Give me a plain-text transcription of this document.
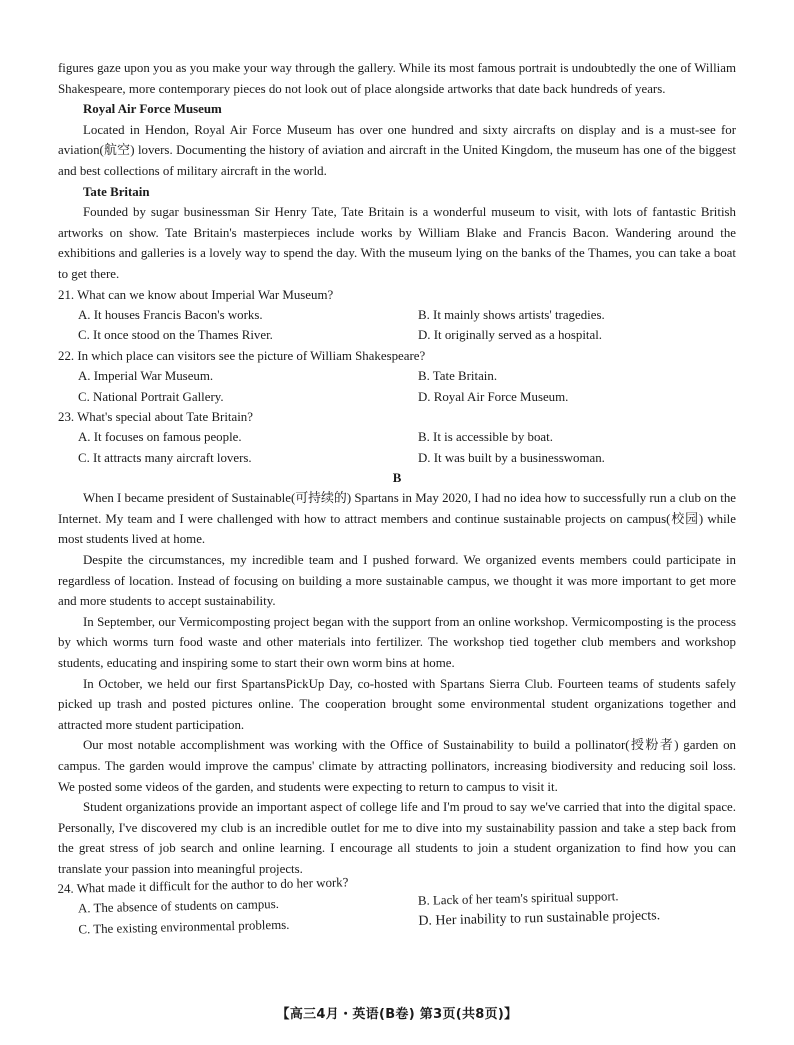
figures gaze upon you as you make your way through the gallery. While its most famous portrait is undoubtedly the one of William Shakespeare, more contemporary pieces do not look out of place alongside artworks that date back hundreds of years.

Royal Air Force Museum

Located in Hendon, Royal Air Force Museum has over one hundred and sixty aircrafts on display and is a must-see for aviation(航空) lovers. Documenting the history of aviation and aircraft in the United Kingdom, the museum has one of the biggest and best collections of military aircraft in the world.

Tate Britain

Founded by sugar businessman Sir Henry Tate, Tate Britain is a wonderful museum to visit, with lots of fantastic British artworks on show. Tate Britain's masterpieces include works by William Blake and Francis Bacon. Wandering around the exhibitions and galleries is a lovely way to spend the day. With the museum lying on the banks of the Thames, you can take a boat to get there.

21. What can we know about Imperial War Museum?
A. It houses Francis Bacon's works.	B. It mainly shows artists' tragedies.
C. It once stood on the Thames River.	D. It originally served as a hospital.
22. In which place can visitors see the picture of William Shakespeare?
A. Imperial War Museum.	B. Tate Britain.
C. National Portrait Gallery.	D. Royal Air Force Museum.
23. What's special about Tate Britain?
A. It focuses on famous people.	B. It is accessible by boat.
C. It attracts many aircraft lovers.	D. It was built by a businesswoman.
B

When I became president of Sustainable(可持续的) Spartans in May 2020, I had no idea how to successfully run a club on the Internet. My team and I were challenged with how to attract members and continue sustainable projects on campus(校园) while most students lived at home.

Despite the circumstances, my incredible team and I pushed forward. We organized events members could participate in regardless of location. Instead of focusing on building a more sustainable campus, we thought it was more important to get more and more students to accept sustainability.

In September, our Vermicomposting project began with the support from an online workshop. Vermicomposting is the process by which worms turn food waste and other materials into fertilizer. The workshop tied together club members and workshop students, educating and inspiring some to start their own worm bins at home.

In October, we held our first SpartansPickUp Day, co-hosted with Spartans Sierra Club. Fourteen teams of students safely picked up trash and posted pictures online. The cooperation brought some environmental student organizations together and attracted more student participation.

Our most notable accomplishment was working with the Office of Sustainability to build a pollinator(授粉者) garden on campus. The garden would improve the campus' climate by attracting pollinators, increasing biodiversity and reducing soil loss. We posted some videos of the garden, and students were expecting to return to campus to visit it.

Student organizations provide an important aspect of college life and I'm proud to say we've carried that into the digital space. Personally, I've discovered my club is an incredible outlet for me to dive into my sustainability passion and take a step back from the great stress of job search and online learning. I encourage all students to join a student organization to find how you can translate your passion into meaningful projects.

24. What made it difficult for the author to do her work?
A. The absence of students on campus.	B. Lack of her team's spiritual support.
C. The existing environmental problems.	D. Her inability to run sustainable projects.
【高三4月・英语(B卷) 第3页(共8页)】
